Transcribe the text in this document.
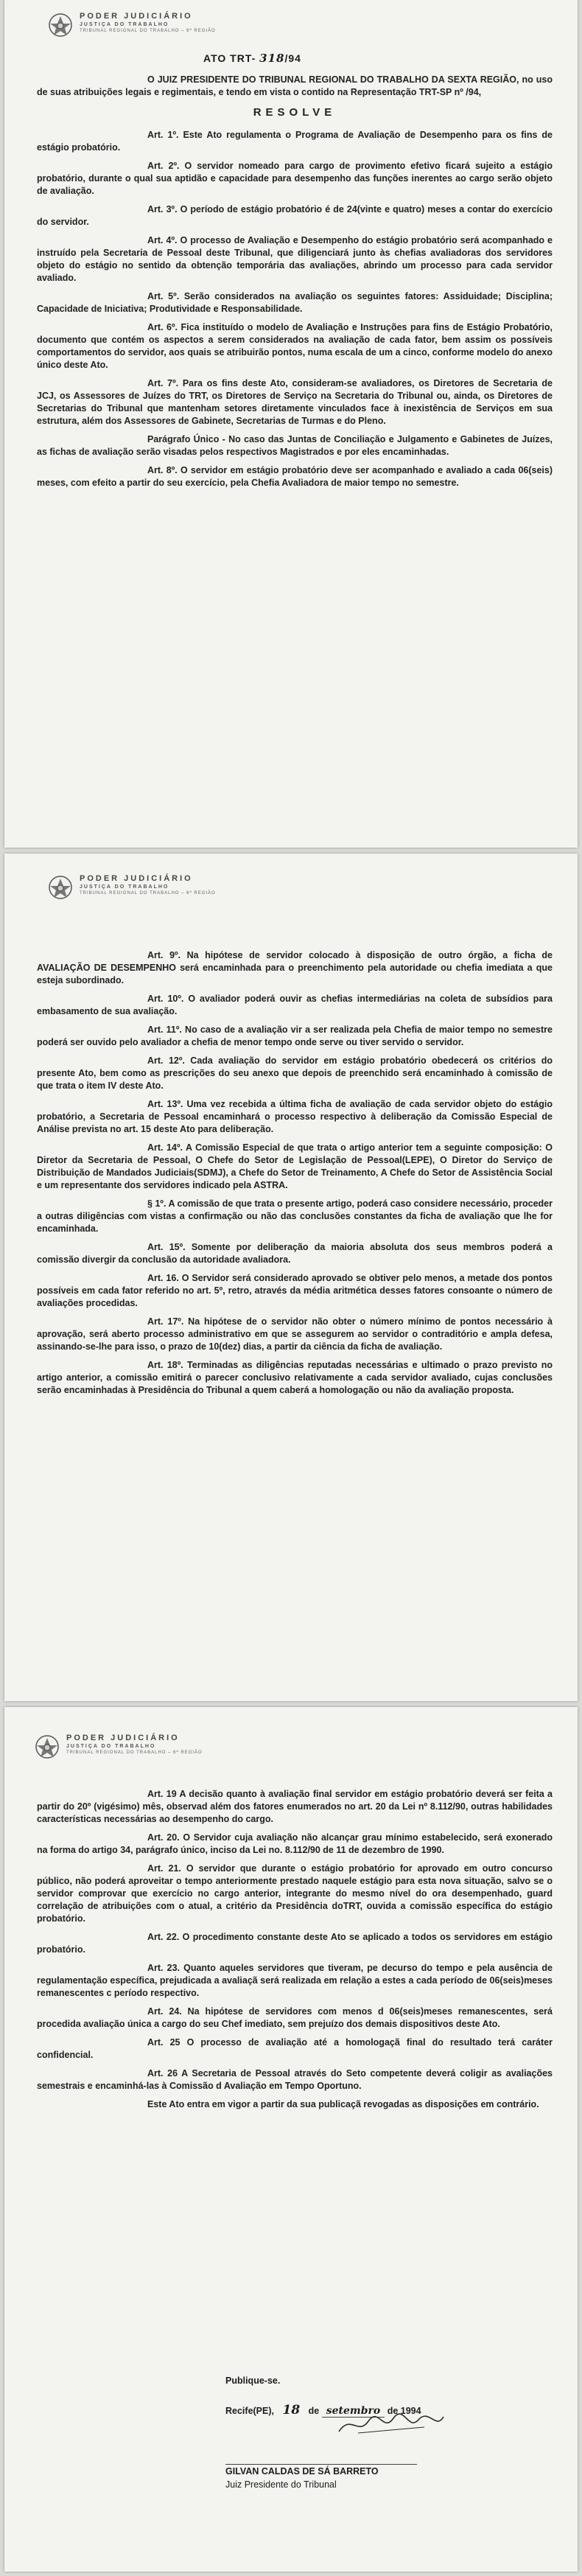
PODER JUDICIÁRIO
JUSTIÇA DO TRABALHO
TRIBUNAL REGIONAL DO TRABALHO – 6ª REGIÃO
ATO TRT- 318/94

O JUIZ PRESIDENTE DO TRIBUNAL REGIONAL DO TRABALHO DA SEXTA REGIÃO, no uso de suas atribuições legais e regimentais, e tendo em vista o contido na Representação TRT-SP nº /94,

RESOLVE

Art. 1º. Este Ato regulamenta o Programa de Avaliação de Desempenho para os fins de estágio probatório.

Art. 2º. O servidor nomeado para cargo de provimento efetivo ficará sujeito a estágio probatório, durante o qual sua aptidão e capacidade para desempenho das funções inerentes ao cargo serão objeto de avaliação.

Art. 3º. O período de estágio probatório é de 24(vinte e quatro) meses a contar do exercício do servidor.

Art. 4º. O processo de Avaliação e Desempenho do estágio probatório será acompanhado e instruído pela Secretaria de Pessoal deste Tribunal, que diligenciará junto às chefias avaliadoras dos servidores objeto do estágio no sentido da obtenção temporária das avaliações, abrindo um processo para cada servidor avaliado.

Art. 5º. Serão considerados na avaliação os seguintes fatores: Assiduidade; Disciplina; Capacidade de Iniciativa; Produtividade e Responsabilidade.

Art. 6º. Fica instituído o modelo de Avaliação e Instruções para fins de Estágio Probatório, documento que contém os aspectos a serem considerados na avaliação de cada fator, bem assim os possíveis comportamentos do servidor, aos quais se atribuirão pontos, numa escala de um a cinco, conforme modelo do anexo único deste Ato.

Art. 7º. Para os fins deste Ato, consideram-se avaliadores, os Diretores de Secretaria de JCJ, os Assessores de Juízes do TRT, os Diretores de Serviço na Secretaria do Tribunal ou, ainda, os Diretores de Secretarias do Tribunal que mantenham setores diretamente vinculados face à inexistência de Serviços em sua estrutura, além dos Assessores de Gabinete, Secretarias de Turmas e do Pleno.

Parágrafo Único - No caso das Juntas de Conciliação e Julgamento e Gabinetes de Juízes, as fichas de avaliação serão visadas pelos respectivos Magistrados e por eles encaminhadas.

Art. 8º. O servidor em estágio probatório deve ser acompanhado e avaliado a cada 06(seis) meses, com efeito a partir do seu exercício, pela Chefia Avaliadora de maior tempo no semestre.

PODER JUDICIÁRIO
JUSTIÇA DO TRABALHO
TRIBUNAL REGIONAL DO TRABALHO – 6ª REGIÃO

Art. 9º. Na hipótese de servidor colocado à disposição de outro órgão, a ficha de AVALIAÇÃO DE DESEMPENHO será encaminhada para o preenchimento pela autoridade ou chefia imediata a que esteja subordinado.

Art. 10º. O avaliador poderá ouvir as chefias intermediárias na coleta de subsídios para embasamento de sua avaliação.

Art. 11º. No caso de a avaliação vir a ser realizada pela Chefia de maior tempo no semestre poderá ser ouvido pelo avaliador a chefia de menor tempo onde serve ou tiver servido o servidor.

Art. 12º. Cada avaliação do servidor em estágio probatório obedecerá os critérios do presente Ato, bem como as prescrições do seu anexo que depois de preenchido será encaminhado à comissão de que trata o item IV deste Ato.

Art. 13º. Uma vez recebida a última ficha de avaliação de cada servidor objeto do estágio probatório, a Secretaria de Pessoal encaminhará o processo respectivo à deliberação da Comissão Especial de Análise prevista no art. 15 deste Ato para deliberação.

Art. 14º. A Comissão Especial de que trata o artigo anterior tem a seguinte composição: O Diretor da Secretaria de Pessoal, O Chefe do Setor de Legislação de Pessoal(LEPE), O Diretor do Serviço de Distribuição de Mandados Judiciais(SDMJ), a Chefe do Setor de Treinamento, A Chefe do Setor de Assistência Social e um representante dos servidores indicado pela ASTRA.

§ 1º. A comissão de que trata o presente artigo, poderá caso considere necessário, proceder a outras diligências com vistas a confirmação ou não das conclusões constantes da ficha de avaliação que lhe for encaminhada.

Art. 15º. Somente por deliberação da maioria absoluta dos seus membros poderá a comissão divergir da conclusão da autoridade avaliadora.

Art. 16. O Servidor será considerado aprovado se obtiver pelo menos, a metade dos pontos possíveis em cada fator referido no art. 5º, retro, através da média aritmética desses fatores consoante o número de avaliações procedidas.

Art. 17º. Na hipótese de o servidor não obter o número mínimo de pontos necessário à aprovação, será aberto processo administrativo em que se assegurem ao servidor o contraditório e ampla defesa, assinando-se-lhe para isso, o prazo de 10(dez) dias, a partir da ciência da ficha de avaliação.

Art. 18º. Terminadas as diligências reputadas necessárias e ultimado o prazo previsto no artigo anterior, a comissão emitirá o parecer conclusivo relativamente a cada servidor avaliado, cujas conclusões serão encaminhadas à Presidência do Tribunal a quem caberá a homologação ou não da avaliação proposta.

PODER JUDICIÁRIO
JUSTIÇA DO TRABALHO
TRIBUNAL REGIONAL DO TRABALHO – 6ª REGIÃO

Art. 19 A decisão quanto à avaliação final servidor em estágio probatório deverá ser feita a partir do 20º (vigésimo) mês, observad além dos fatores enumerados no art. 20 da Lei nº 8.112/90, outras habilidades características necessárias ao desempenho do cargo.

Art. 20. O Servidor cuja avaliação não alcançar grau mínimo estabelecido, será exonerado na forma do artigo 34, parágrafo único, inciso da Lei no. 8.112/90 de 11 de dezembro de 1990.

Art. 21. O servidor que durante o estágio probatório for aprovado em outro concurso público, não poderá aproveitar o tempo anteriormente prestado naquele estágio para esta nova situação, salvo se o servidor comprovar que exercício no cargo anterior, integrante do mesmo nível do ora desempenhado, guard correlação de atribuições com o atual, a critério da Presidência doTRT, ouvida a comissão específica do estágio probatório.

Art. 22. O procedimento constante deste Ato se aplicado a todos os servidores em estágio probatório.

Art. 23. Quanto aqueles servidores que tiveram, pe decurso do tempo e pela ausência de regulamentação específica, prejudicada a avaliaçã será realizada em relação a estes a cada período de 06(seis)meses remanescentes c período respectivo.

Art. 24. Na hipótese de servidores com menos d 06(seis)meses remanescentes, será procedida avaliação única a cargo do seu Chef imediato, sem prejuízo dos demais dispositivos deste Ato.

Art. 25 O processo de avaliação até a homologaçã final do resultado terá caráter confidencial.

Art. 26 A Secretaria de Pessoal através do Seto competente deverá coligir as avaliações semestrais e encaminhá-las à Comissão d Avaliação em Tempo Oportuno.

Este Ato entra em vigor a partir da sua publicaçã revogadas as disposições em contrário.

Publique-se.
Recife(PE), 18 de setembro de 1994
GILVAN CALDAS DE SÁ BARRETO
Juiz Presidente do Tribunal
